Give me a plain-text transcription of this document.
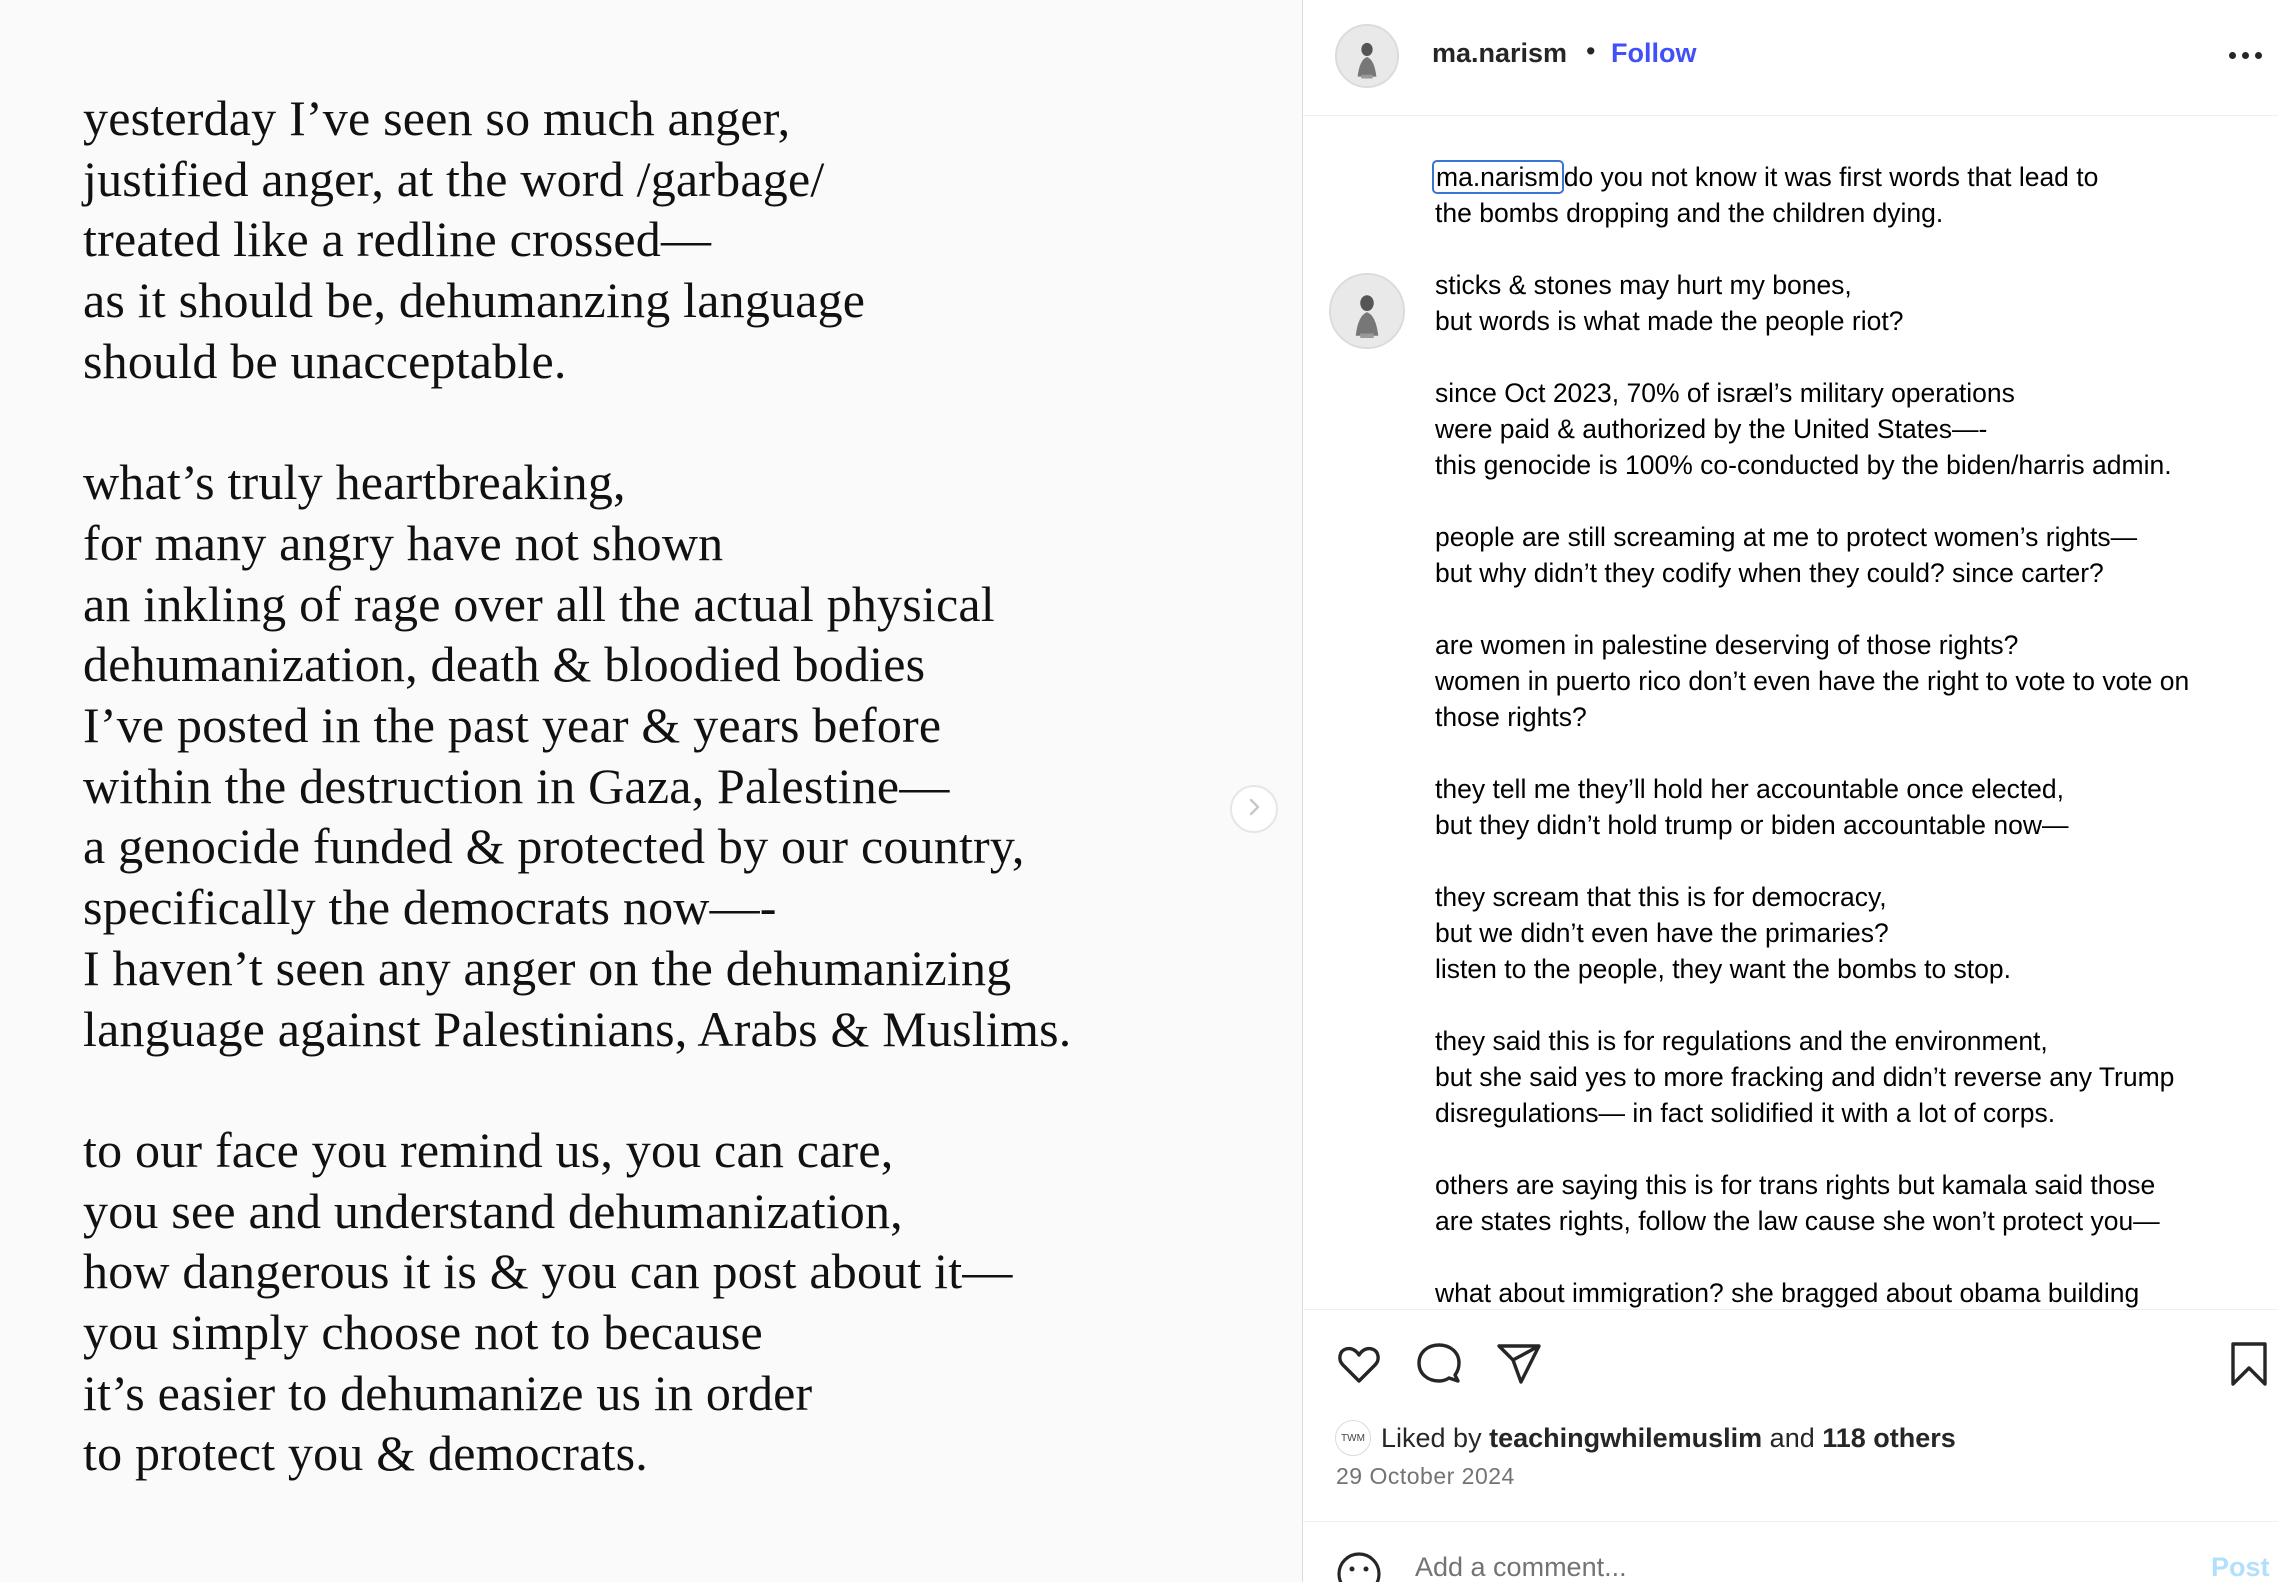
yesterday I’ve seen so much anger,
justified anger, at the word /garbage/
treated like a redline crossed—
as it should be, dehumanzing language
should be unacceptable.
what’s truly heartbreaking,
for many angry have not shown
an inkling of rage over all the actual physical
dehumanization, death & bloodied bodies
I’ve posted in the past year & years before
within the destruction in Gaza, Palestine—
a genocide funded & protected by our country,
specifically the democrats now—-
I haven’t seen any anger on the dehumanizing
language against Palestinians, Arabs & Muslims.
to our face you remind us, you can care,
you see and understand dehumanization,
how dangerous it is & you can post about it—
you simply choose not to because
it’s easier to dehumanize us in order
to protect you & democrats.
ma.narism • Follow
ma.narism do you not know it was first words that lead to
the bombs dropping and the children dying.
sticks & stones may hurt my bones,
but words is what made the people riot?
since Oct 2023, 70% of isræl’s military operations
were paid & authorized by the United States—-
this genocide is 100% co-conducted by the biden/harris admin.
people are still screaming at me to protect women’s rights—
but why didn’t they codify when they could? since carter?
are women in palestine deserving of those rights?
women in puerto rico don’t even have the right to vote to vote on
those rights?
they tell me they’ll hold her accountable once elected,
but they didn’t hold trump or biden accountable now—
they scream that this is for democracy,
but we didn’t even have the primaries?
listen to the people, they want the bombs to stop.
they said this is for regulations and the environment,
but she said yes to more fracking and didn’t reverse any Trump
disregulations— in fact solidified it with a lot of corps.
others are saying this is for trans rights but kamala said those
are states rights, follow the law cause she won’t protect you—
what about immigration? she bragged about obama building
TWM Liked by
teachingwhilemuslim
and
118 others
29 October 2024
Add a comment...
Post
